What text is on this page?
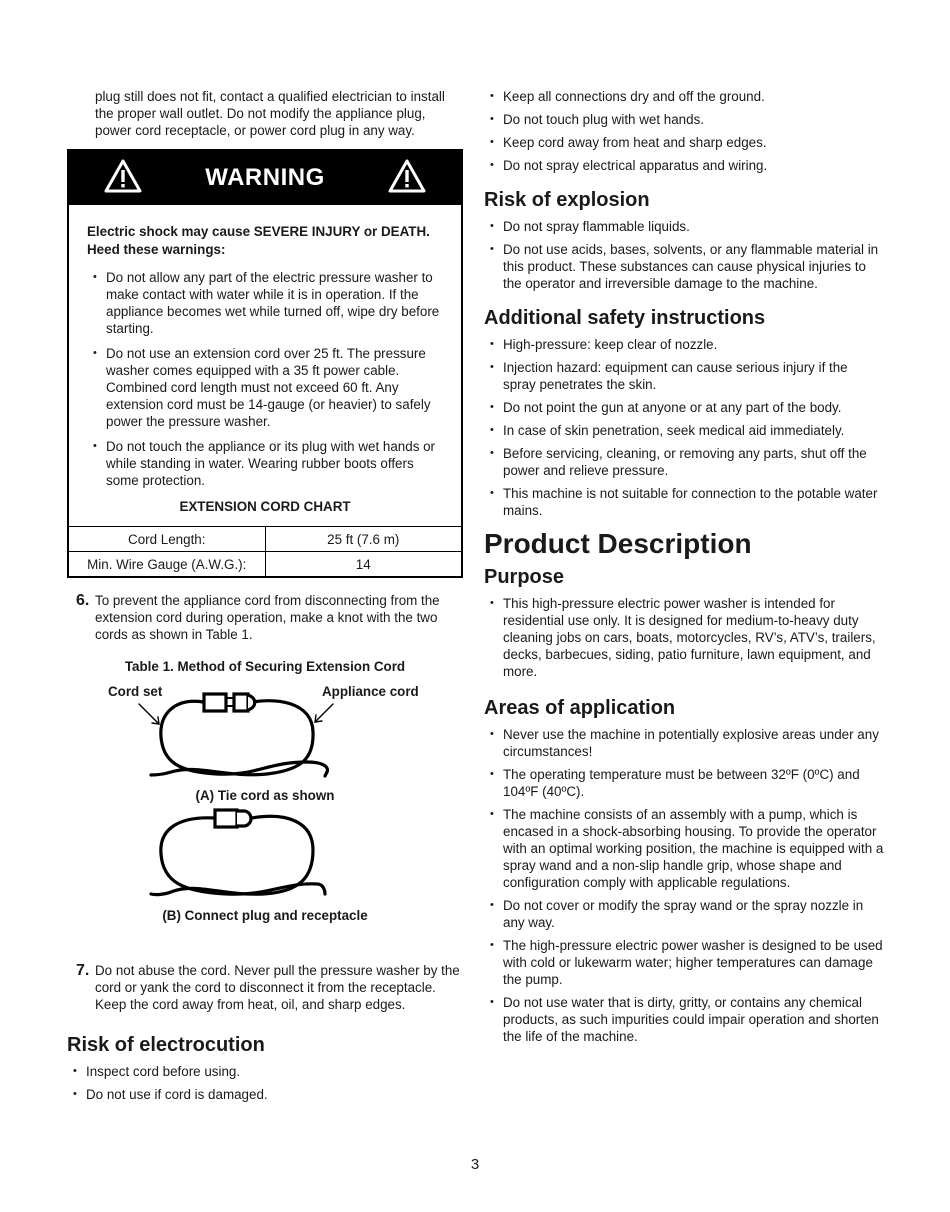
plug still does not fit, contact a qualified electrician to install the proper wall outlet. Do not modify the appliance plug, power cord receptacle, or power cord plug in any way.

WARNING
Electric shock may cause SEVERE INJURY or DEATH. Heed these warnings:
• Do not allow any part of the electric pressure washer to make contact with water while it is in operation. If the appliance becomes wet while turned off, wipe dry before starting.
• Do not use an extension cord over 25 ft. The pressure washer comes equipped with a 35 ft power cable. Combined cord length must not exceed 60 ft. Any extension cord must be 14-gauge (or heavier) to safely power the pressure washer.
• Do not touch the appliance or its plug with wet hands or while standing in water. Wearing rubber boots offers some protection.
EXTENSION CORD CHART
Cord Length:	25 ft (7.6 m)
Min. Wire Gauge (A.W.G.):	14
6. To prevent the appliance cord from disconnecting from the extension cord during operation, make a knot with the two cords as shown in Table 1.

Table 1. Method of Securing Extension Cord
Cord set	Appliance cord
(A) Tie cord as shown
(B) Connect plug and receptacle
7. Do not abuse the cord. Never pull the pressure washer by the cord or yank the cord to disconnect it from the receptacle. Keep the cord away from heat, oil, and sharp edges.

Risk of electrocution
• Inspect cord before using.
• Do not use if cord is damaged.
• Keep all connections dry and off the ground.
• Do not touch plug with wet hands.
• Keep cord away from heat and sharp edges.
• Do not spray electrical apparatus and wiring.
Risk of explosion
• Do not spray flammable liquids.
• Do not use acids, bases, solvents, or any flammable material in this product. These substances can cause physical injuries to the operator and irreversible damage to the machine.
Additional safety instructions
• High-pressure: keep clear of nozzle.
• Injection hazard: equipment can cause serious injury if the spray penetrates the skin.
• Do not point the gun at anyone or at any part of the body.
• In case of skin penetration, seek medical aid immediately.
• Before servicing, cleaning, or removing any parts, shut off the power and relieve pressure.
• This machine is not suitable for connection to the potable water mains.
Product Description
Purpose
• This high-pressure electric power washer is intended for residential use only. It is designed for medium-to-heavy duty cleaning jobs on cars, boats, motorcycles, RV’s, ATV’s, trailers, decks, barbecues, siding, patio furniture, lawn equipment, and more.
Areas of application
• Never use the machine in potentially explosive areas under any circumstances!
• The operating temperature must be between 32ºF (0ºC) and 104ºF (40ºC).
• The machine consists of an assembly with a pump, which is encased in a shock-absorbing housing. To provide the operator with an optimal working position, the machine is equipped with a spray wand and a non-slip handle grip, whose shape and configuration comply with applicable regulations.
• Do not cover or modify the spray wand or the spray nozzle in any way.
• The high-pressure electric power washer is designed to be used with cold or lukewarm water; higher temperatures can damage the pump.
• Do not use water that is dirty, gritty, or contains any chemical products, as such impurities could impair operation and shorten the life of the machine.
3
